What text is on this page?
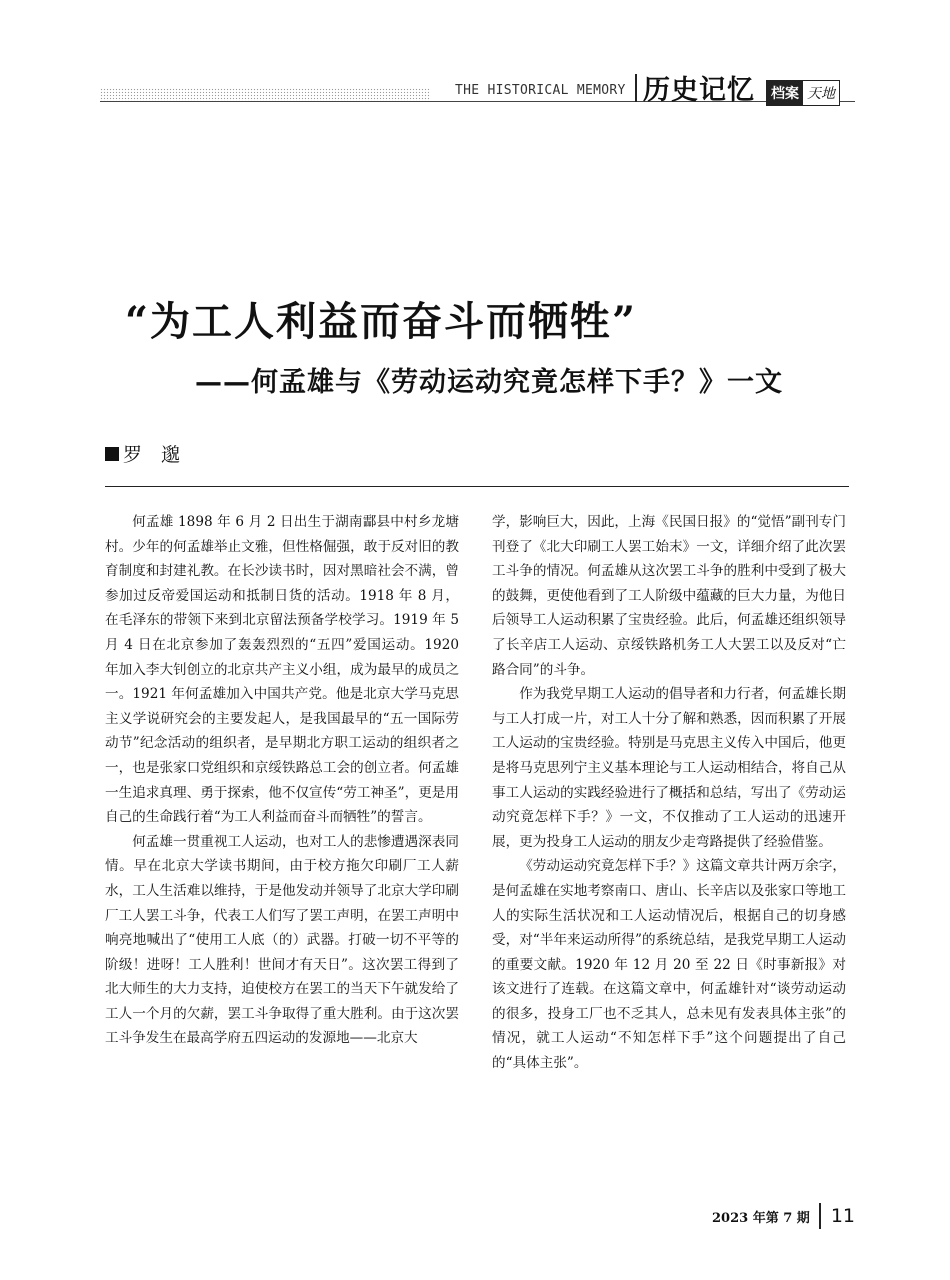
THE HISTORICAL MEMORY 历史记忆 档案 天地
“为工人利益而奋斗而牺牲”
——何孟雄与《劳动运动究竟怎样下手？》一文
罗　邈

何孟雄 1898 年 6 月 2 日出生于湖南酃县中村乡龙塘村。少年的何孟雄举止文雅，但性格倔强，敢于反对旧的教育制度和封建礼教。在长沙读书时，因对黑暗社会不满，曾参加过反帝爱国运动和抵制日货的活动。1918 年 8 月，在毛泽东的带领下来到北京留法预备学校学习。1919 年 5 月 4 日在北京参加了轰轰烈烈的“五四”爱国运动。1920 年加入李大钊创立的北京共产主义小组，成为最早的成员之一。1921 年何孟雄加入中国共产党。他是北京大学马克思主义学说研究会的主要发起人，是我国最早的“五一国际劳动节”纪念活动的组织者，是早期北方职工运动的组织者之一，也是张家口党组织和京绥铁路总工会的创立者。何孟雄一生追求真理、勇于探索，他不仅宣传“劳工神圣”，更是用自己的生命践行着“为工人利益而奋斗而牺牲”的誓言。

何孟雄一贯重视工人运动，也对工人的悲惨遭遇深表同情。早在北京大学读书期间，由于校方拖欠印刷厂工人薪水，工人生活难以维持，于是他发动并领导了北京大学印刷厂工人罢工斗争，代表工人们写了罢工声明，在罢工声明中响亮地喊出了“使用工人底（的）武器。打破一切不平等的阶级！进呀！工人胜利！世间才有天日”。这次罢工得到了北大师生的大力支持，迫使校方在罢工的当天下午就发给了工人一个月的欠薪，罢工斗争取得了重大胜利。由于这次罢工斗争发生在最高学府五四运动的发源地——北京大

学，影响巨大，因此，上海《民国日报》的“觉悟”副刊专门刊登了《北大印刷工人罢工始末》一文，详细介绍了此次罢工斗争的情况。何孟雄从这次罢工斗争的胜利中受到了极大的鼓舞，更使他看到了工人阶级中蕴藏的巨大力量，为他日后领导工人运动积累了宝贵经验。此后，何孟雄还组织领导了长辛店工人运动、京绥铁路机务工人大罢工以及反对“亡路合同”的斗争。

作为我党早期工人运动的倡导者和力行者，何孟雄长期与工人打成一片，对工人十分了解和熟悉，因而积累了开展工人运动的宝贵经验。特别是马克思主义传入中国后，他更是将马克思列宁主义基本理论与工人运动相结合，将自己从事工人运动的实践经验进行了概括和总结，写出了《劳动运动究竟怎样下手？》一文，不仅推动了工人运动的迅速开展，更为投身工人运动的朋友少走弯路提供了经验借鉴。

《劳动运动究竟怎样下手？》这篇文章共计两万余字，是何孟雄在实地考察南口、唐山、长辛店以及张家口等地工人的实际生活状况和工人运动情况后，根据自己的切身感受，对“半年来运动所得”的系统总结，是我党早期工人运动的重要文献。1920 年 12 月 20 至 22 日《时事新报》对该文进行了连载。在这篇文章中，何孟雄针对“谈劳动运动的很多，投身工厂也不乏其人，总未见有发表具体主张”的情况，就工人运动“不知怎样下手”这个问题提出了自己的“具体主张”。

2023 年第 7 期 11
